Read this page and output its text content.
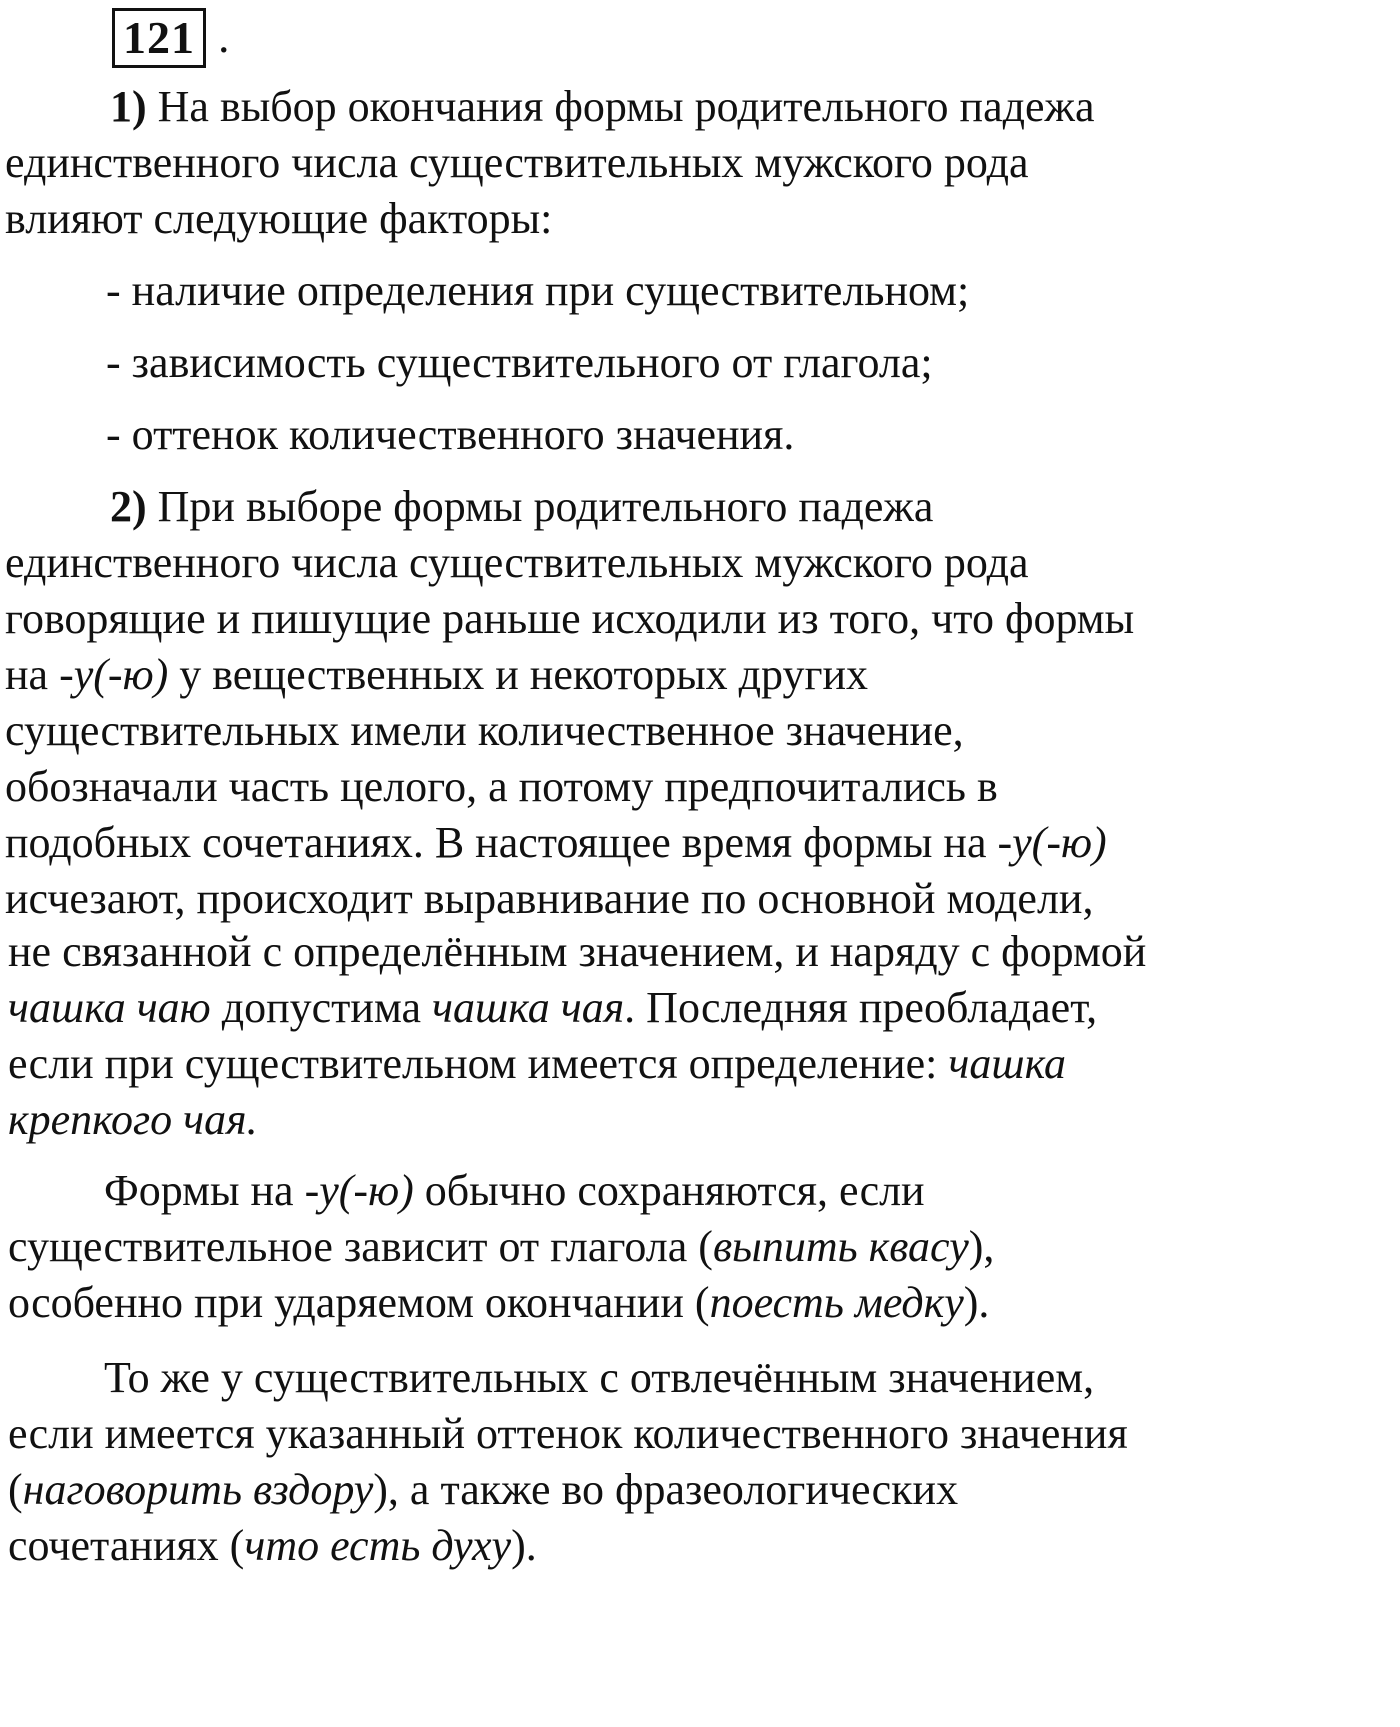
121 .
1) На выбор окончания формы родительного падежа
единственного числа существительных мужского рода
влияют следующие факторы:
- наличие определения при существительном;
- зависимость существительного от глагола;
- оттенок количественного значения.
2) При выборе формы родительного падежа
единственного числа существительных мужского рода
говорящие и пишущие раньше исходили из того, что формы
на -у(-ю) у вещественных и некоторых других
существительных имели количественное значение,
обозначали часть целого, а потому предпочитались в
подобных сочетаниях. В настоящее время формы на -у(-ю)
исчезают, происходит выравнивание по основной модели,
не связанной с определённым значением, и наряду с формой
чашка чаю допустима чашка чая. Последняя преобладает,
если при существительном имеется определение: чашка
крепкого чая.
Формы на -у(-ю) обычно сохраняются, если
существительное зависит от глагола (выпить квасу),
особенно при ударяемом окончании (поесть медку).
То же у существительных с отвлечённым значением,
если имеется указанный оттенок количественного значения
(наговорить вздору), а также во фразеологических
сочетаниях (что есть духу).
